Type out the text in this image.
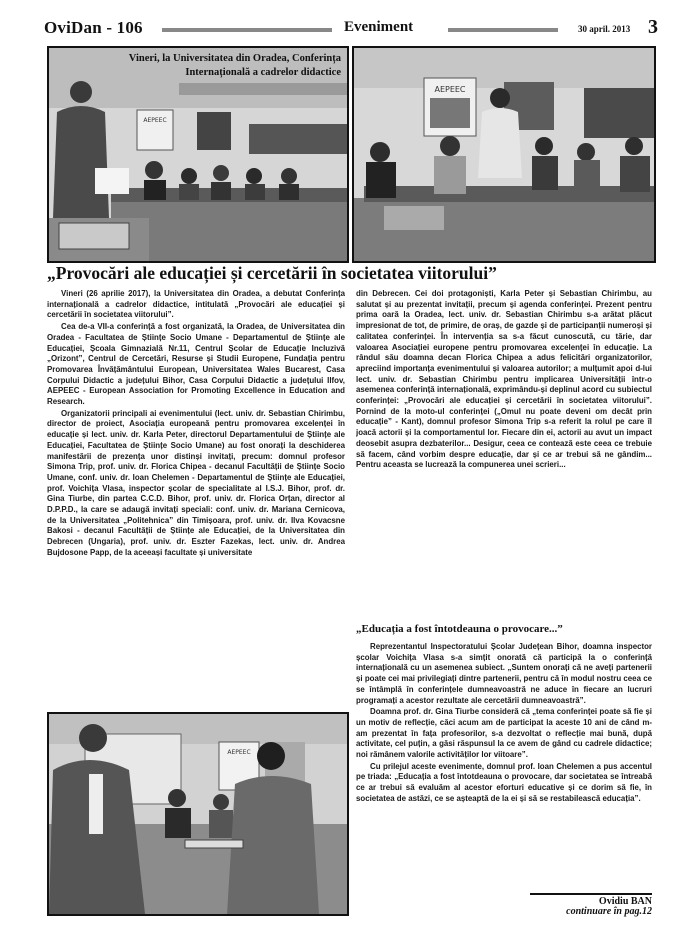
OviDan - 106	Eveniment	30 april. 2013 3
AEPEEC
Vineri, la Universitatea din Oradea, Conferința Internațională a cadrelor didactice
AEPEEC
„Provocări ale educației și cercetării în societatea viitorului”

Vineri (26 aprilie 2017), la Universitatea din Oradea, a debutat Conferința internațională a cadrelor didactice, intitulată „Provocări ale educației și cercetării în societatea viitorului”.

Cea de-a VII-a conferință a fost organizată, la Oradea, de Universitatea din Oradea - Facultatea de Științe Socio Umane - Departamentul de Științe ale Educației, Școala Gimnazială Nr.11, Centrul Școlar de Educație Incluzivă „Orizont”, Centrul de Cercetări, Resurse și Studii Europene, Fundația pentru Promovarea Învățământului European, Universitatea Wales Bucarest, Casa Corpului Didactic a județului Bihor, Casa Corpului Didactic a județului Ilfov, AEPEEC - European Association for Promoting Excellence in Education and Research.

Organizatorii principali ai evenimentului (lect. univ. dr. Sebastian Chirimbu, director de proiect, Asociația europeană pentru promovarea excelenței în educație și lect. univ. dr. Karla Peter, directorul Departamentului de Științe ale Educației, Facultatea de Științe Socio Umane) au fost onorați la deschiderea manifestării de prezența unor distinși invitați, precum: domnul profesor Simona Trip, prof. univ. dr. Florica Chipea - decanul Facultății de Științe Socio Umane, conf. univ. dr. Ioan Chelemen - Departamentul de Științe ale Educației, prof. Voichița Vlasa, inspector școlar de specialitate al I.S.J. Bihor, prof. dr. Gina Tiurbe, din partea C.C.D. Bihor, prof. univ. dr. Florica Orțan, director al D.P.P.D., la care se adaugă invitați speciali: conf. univ. dr. Mariana Cernicova, de la Universitatea „Politehnica” din Timișoara, prof. univ. dr. Ilva Kovacsne Bakosi - decanul Facultății de Științe ale Educației, de la Universitatea din Debrecen (Ungaria), prof. univ. dr. Eszter Fazekas, lect. univ. dr. Andrea Bujdosone Papp, de la aceeași facultate și universitate

din Debrecen. Cei doi protagoniști, Karla Peter și Sebastian Chirimbu, au salutat și au prezentat invitații, precum și agenda conferinței. Prezent pentru prima oară la Oradea, lect. univ. dr. Sebastian Chirimbu s-a arătat plăcut impresionat de tot, de primire, de oraș, de gazde și de participanții numeroși și calitatea conferinței. În intervenția sa s-a făcut cunoscută, cu tărie, dar valoarea Asociației europene pentru promovarea excelenței în educație. La rândul său doamna decan Florica Chipea a adus felicitări organizatorilor, apreciind importanța evenimentului și valoarea autorilor; a mulțumit apoi d-lui lect. univ. dr. Sebastian Chirimbu pentru implicarea Universității într-o asemenea conferință internațională, exprimându-și deplinul acord cu subiectul conferinței: „Provocări ale educației și cercetării în societatea viitorului”. Pornind de la moto-ul conferinței („Omul nu poate deveni om decât prin educație” - Kant), domnul profesor Simona Trip s-a referit la rolul pe care îl joacă actorii și la comportamentul lor. Fiecare din ei, actorii au avut un impact deosebit asupra dezbaterilor... Desigur, ceea ce contează este ceea ce trebuie să facem, când vorbim despre educație, dar și ce ar trebui să ne gândim... Pentru aceasta se lucrează la compunerea unei scrieri...

„Educația a fost întotdeauna o provocare...”

Reprezentantul Inspectoratului Școlar Județean Bihor, doamna inspector școlar Voichița Vlasa s-a simțit onorată că participă la o conferință internațională cu un asemenea subiect. „Suntem onorați că ne aveți partenerii și poate cei mai privilegiați dintre partenerii, pentru că în modul nostru ceea ce se întâmplă în conferințele dumneavoastră ne aduce în fiecare an lucruri programați a acestor rezultate ale cercetării dumneavoastră”.

Doamna prof. dr. Gina Tiurbe consideră că „tema conferinței poate să fie și un motiv de reflecție, căci acum am de participat la aceste 10 ani de când m-am prezentat în fața profesorilor, s-a dezvoltat o reflecție mai bună, după activitate, cel puțin, a găsi răspunsul la ce avem de gând cu cadrele didactice; noi rămânem valorile activităților lor viitoare”.

Cu prilejul aceste evenimente, domnul prof. Ioan Chelemen a pus accentul pe triada: „Educația a fost întotdeauna o provocare, dar societatea se întreabă ce ar trebui să evaluăm al acestor eforturi educative și ce dorim să fie, în societatea de astăzi, ce se așteaptă de la ei și să se restabilească educația”.

AEPEEC
Ovidiu BAN
continuare în pag.12
